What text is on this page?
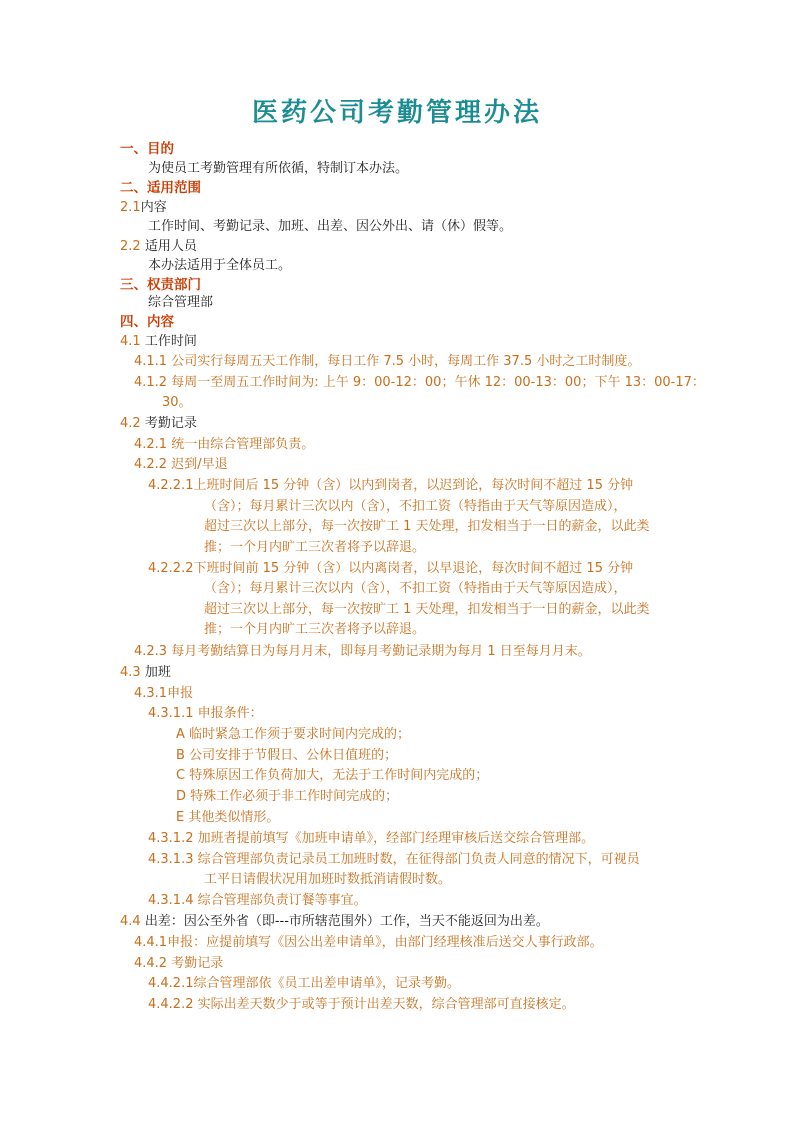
医药公司考勤管理办法
一、目的
为使员工考勤管理有所依循，特制订本办法。
二、适用范围
2.1内容
工作时间、考勤记录、加班、出差、因公外出、请（休）假等。
2.2 适用人员
本办法适用于全体员工。
三、权责部门
综合管理部
四、内容
4.1 工作时间
4.1.1 公司实行每周五天工作制，每日工作 7.5 小时，每周工作 37.5 小时之工时制度。
4.1.2 每周一至周五工作时间为: 上午 9：00-12：00；午休 12：00-13：00；下午 13：00-17：
30。
4.2 考勤记录
4.2.1 统一由综合管理部负责。
4.2.2 迟到/早退
4.2.2.1上班时间后 15 分钟（含）以内到岗者，以迟到论，每次时间不超过 15 分钟
（含）；每月累计三次以内（含），不扣工资（特指由于天气等原因造成），
超过三次以上部分，每一次按旷工 1 天处理，扣发相当于一日的薪金，以此类
推；一个月内旷工三次者将予以辞退。
4.2.2.2下班时间前 15 分钟（含）以内离岗者，以早退论，每次时间不超过 15 分钟
（含）；每月累计三次以内（含），不扣工资（特指由于天气等原因造成），
超过三次以上部分，每一次按旷工 1 天处理，扣发相当于一日的薪金，以此类
推；一个月内旷工三次者将予以辞退。
4.2.3 每月考勤结算日为每月月末，即每月考勤记录期为每月 1 日至每月月末。
4.3 加班
4.3.1申报
4.3.1.1 申报条件：
A 临时紧急工作须于要求时间内完成的；
B 公司安排于节假日、公休日值班的；
C 特殊原因工作负荷加大，无法于工作时间内完成的；
D 特殊工作必须于非工作时间完成的；
E 其他类似情形。
4.3.1.2 加班者提前填写《加班申请单》，经部门经理审核后送交综合管理部。
4.3.1.3 综合管理部负责记录员工加班时数，在征得部门负责人同意的情况下，可视员
工平日请假状况用加班时数抵消请假时数。
4.3.1.4 综合管理部负责订餐等事宜。
4.4 出差：因公至外省（即---市所辖范围外）工作，当天不能返回为出差。
4.4.1申报：应提前填写《因公出差申请单》，由部门经理核准后送交人事行政部。
4.4.2 考勤记录
4.4.2.1综合管理部依《员工出差申请单》，记录考勤。
4.4.2.2 实际出差天数少于或等于预计出差天数，综合管理部可直接核定。
